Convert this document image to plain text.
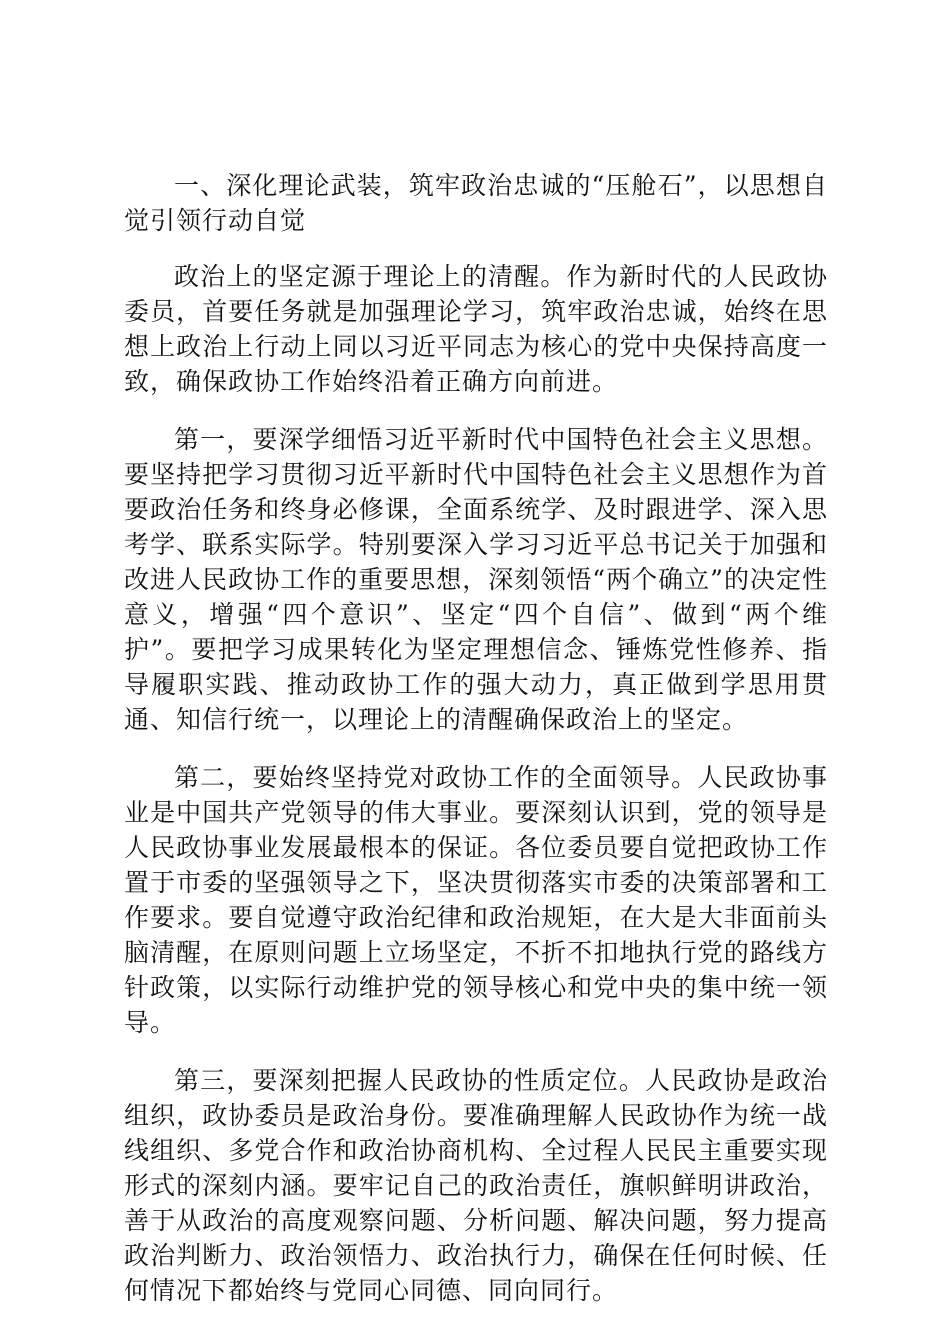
一、深化理论武装，筑牢政治忠诚的“压舱石”，以思想自觉引领行动自觉

政治上的坚定源于理论上的清醒。作为新时代的人民政协委员，首要任务就是加强理论学习，筑牢政治忠诚，始终在思想上政治上行动上同以习近平同志为核心的党中央保持高度一致，确保政协工作始终沿着正确方向前进。

第一，要深学细悟习近平新时代中国特色社会主义思想。要坚持把学习贯彻习近平新时代中国特色社会主义思想作为首要政治任务和终身必修课，全面系统学、及时跟进学、深入思考学、联系实际学。特别要深入学习习近平总书记关于加强和改进人民政协工作的重要思想，深刻领悟“两个确立”的决定性意义，增强“四个意识”、坚定“四个自信”、做到“两个维护”。要把学习成果转化为坚定理想信念、锤炼党性修养、指导履职实践、推动政协工作的强大动力，真正做到学思用贯通、知信行统一，以理论上的清醒确保政治上的坚定。

第二，要始终坚持党对政协工作的全面领导。人民政协事业是中国共产党领导的伟大事业。要深刻认识到，党的领导是人民政协事业发展最根本的保证。各位委员要自觉把政协工作置于市委的坚强领导之下，坚决贯彻落实市委的决策部署和工作要求。要自觉遵守政治纪律和政治规矩，在大是大非面前头脑清醒，在原则问题上立场坚定，不折不扣地执行党的路线方针政策，以实际行动维护党的领导核心和党中央的集中统一领导。

第三，要深刻把握人民政协的性质定位。人民政协是政治组织，政协委员是政治身份。要准确理解人民政协作为统一战线组织、多党合作和政治协商机构、全过程人民民主重要实现形式的深刻内涵。要牢记自己的政治责任，旗帜鲜明讲政治，善于从政治的高度观察问题、分析问题、解决问题，努力提高政治判断力、政治领悟力、政治执行力，确保在任何时候、任何情况下都始终与党同心同德、同向同行。
